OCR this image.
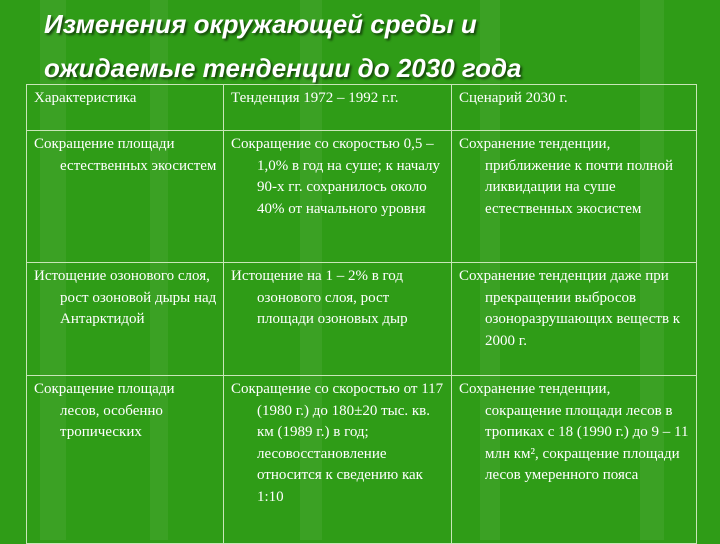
Изменения окружающей среды и
ожидаемые тенденции до 2030 года
Характеристика	Тенденция 1972 – 1992 г.г.	Сценарий 2030 г.

Сокращение площади естественных экосистем	Сокращение со скоростью 0,5 – 1,0% в год на суше; к началу 90-х гг. сохранилось около 40% от начального уровня	Сохранение тенденции, приближение к почти полной ликвидации на суше естественных экосистем

Истощение озонового слоя, рост озоновой дыры над Антарктидой	Истощение на 1 – 2% в год озонового слоя, рост площади озоновых дыр	Сохранение тенденции даже при прекращении выбросов озоноразрушающих веществ к 2000 г.

Сокращение площади лесов, особенно тропических	Сокращение со скоростью от 117 (1980 г.) до 180±20 тыс. кв. км (1989 г.) в год; лесовосстановление относится к сведению как 1:10	Сохранение тенденции, сокращение площади лесов в тропиках с 18 (1990 г.) до 9 – 11 млн км², сокращение площади лесов умеренного пояса
